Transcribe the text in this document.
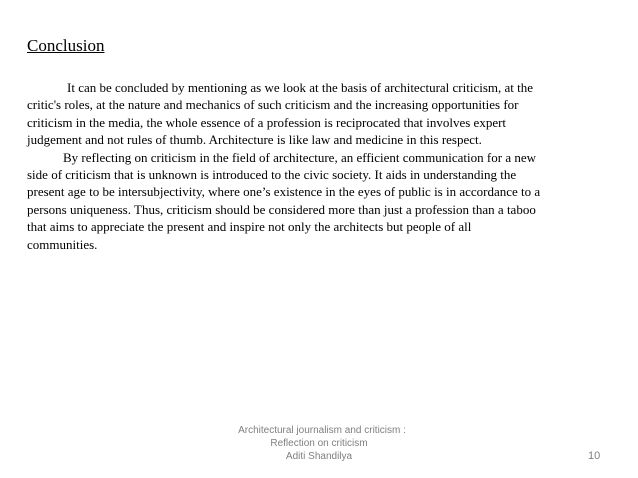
Conclusion
It can be concluded by mentioning as we look at the basis of architectural criticism, at the
critic's roles, at the nature and mechanics of such criticism and the increasing opportunities for
criticism in the media, the whole essence of a profession is reciprocated that involves expert
judgement and not rules of thumb. Architecture is like law and medicine in this respect.
By reflecting on criticism in the field of architecture, an efficient communication for a new
side of criticism that is unknown is introduced to the civic society. It aids in understanding the
present age to be intersubjectivity, where one’s existence in the eyes of public is in accordance to a
persons uniqueness. Thus, criticism should be considered more than just a profession than a taboo
that aims to appreciate the present and inspire not only the architects but people of all
communities.
Architectural journalism and criticism :
Reflection on criticism
Aditi Shandilya	10
